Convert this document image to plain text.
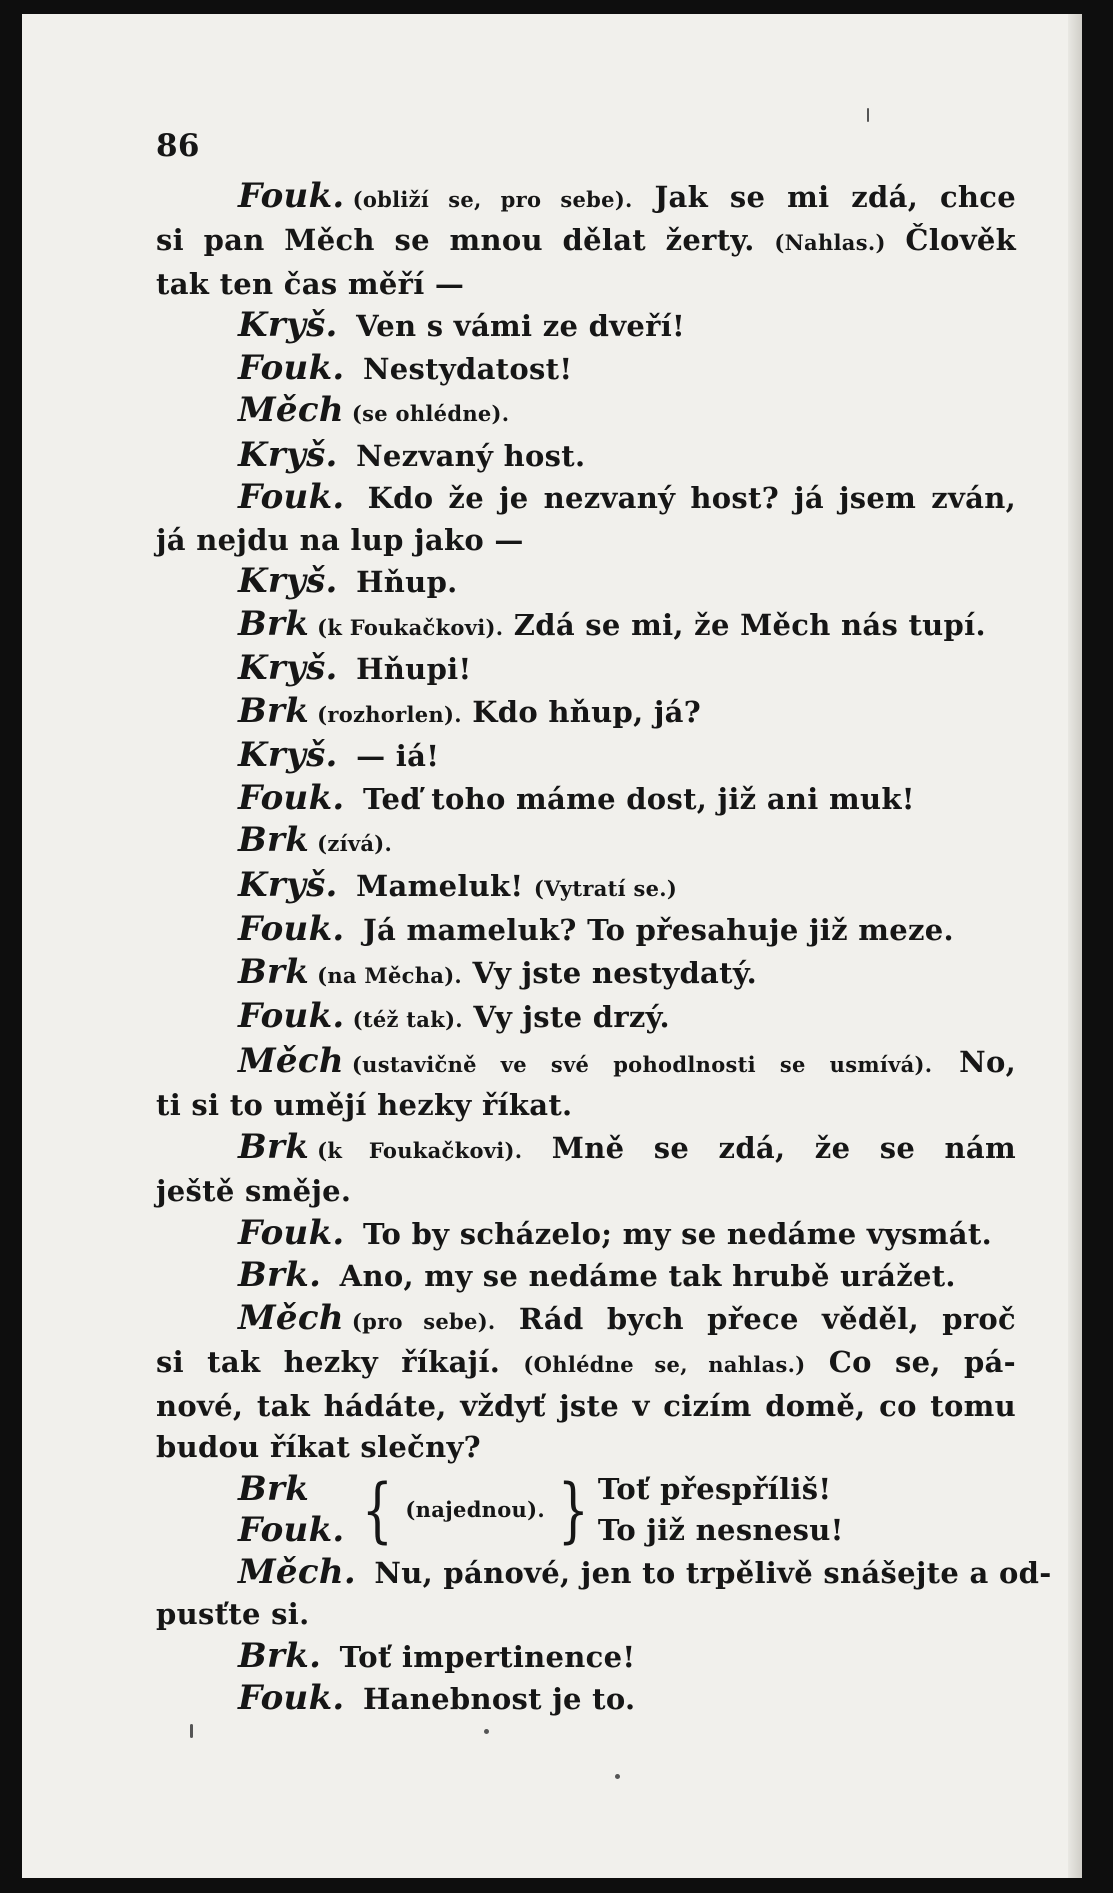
86
Fouk. (obliží se, pro sebe). Jak se mi zdá, chce
si pan Měch se mnou dělat žerty. (Nahlas.) Člověk
tak ten čas měří —
Kryš. Ven s vámi ze dveří!
Fouk. Nestydatost!
Měch (se ohlédne).
Kryš. Nezvaný host.
Fouk. Kdo že je nezvaný host? já jsem zván,
já nejdu na lup jako —
Kryš. Hňup.
Brk (k Foukačkovi). Zdá se mi, že Měch nás tupí.
Kryš. Hňupi!
Brk (rozhorlen). Kdo hňup, já?
Kryš. — iá!
Fouk. Teď toho máme dost, již ani muk!
Brk (zívá).
Kryš. Mameluk! (Vytratí se.)
Fouk. Já mameluk? To přesahuje již meze.
Brk (na Měcha). Vy jste nestydatý.
Fouk. (též tak). Vy jste drzý.
Měch (ustavičně ve své pohodlnosti se usmívá). No,
ti si to umějí hezky říkat.
Brk (k Foukačkovi). Mně se zdá, že se nám
ještě směje.
Fouk. To by scházelo; my se nedáme vysmát.
Brk. Ano, my se nedáme tak hrubě urážet.
Měch (pro sebe). Rád bych přece věděl, proč
si tak hezky říkají. (Ohlédne se, nahlas.) Co se, pá-
nové, tak hádáte, vždyť jste v cizím domě, co tomu
budou říkat slečny?
Brk
Fouk. { (najednou). } Toť přespříliš!
To již nesnesu!
Měch. Nu, pánové, jen to trpělivě snášejte a od-
pusťte si.
Brk. Toť impertinence!
Fouk. Hanebnost je to.
